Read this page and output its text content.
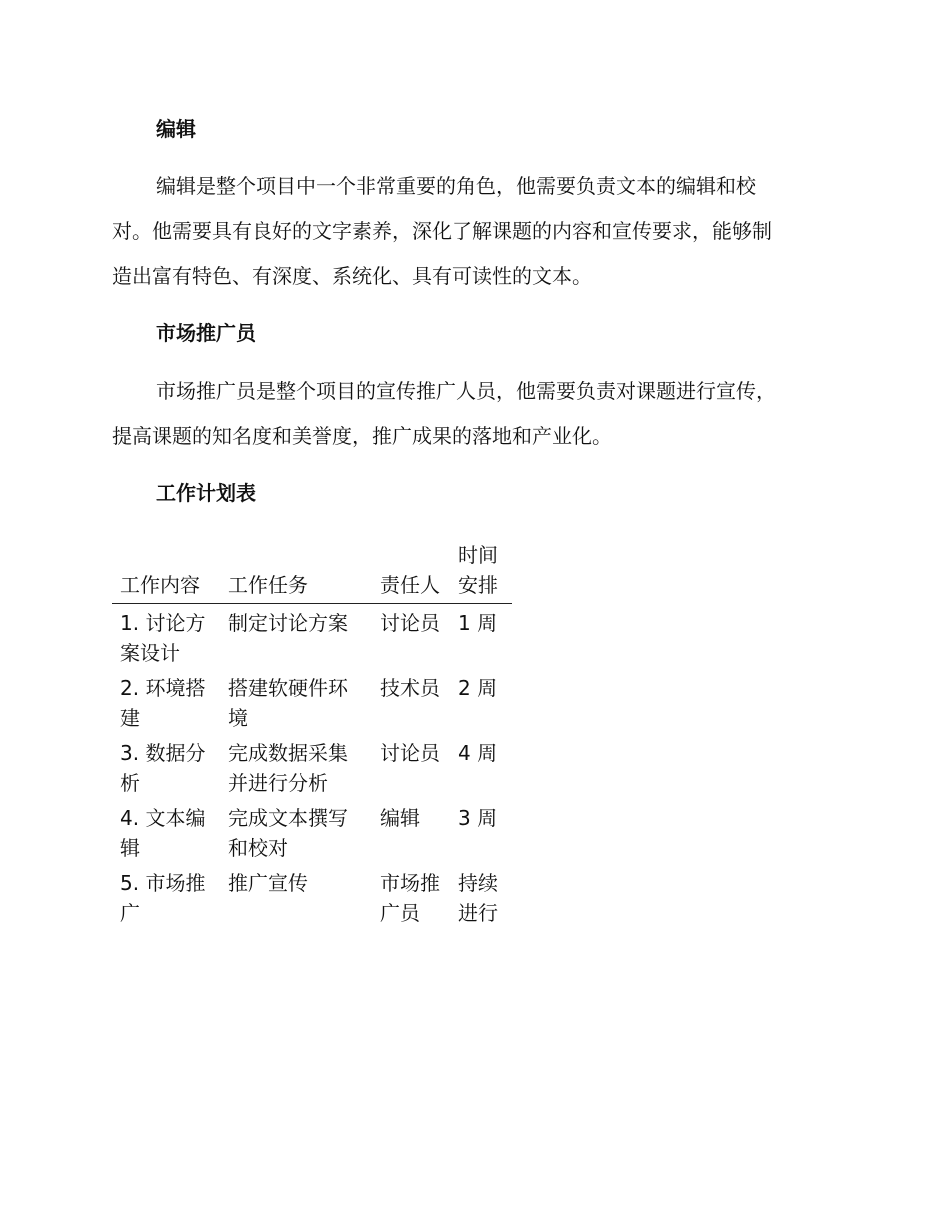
编辑
编辑是整个项目中一个非常重要的角色，他需要负责文本的编辑和校
对。他需要具有良好的文字素养，深化了解课题的内容和宣传要求，能够制
造出富有特色、有深度、系统化、具有可读性的文本。
市场推广员
市场推广员是整个项目的宣传推广人员，他需要负责对课题进行宣传，
提高课题的知名度和美誉度，推广成果的落地和产业化。
工作计划表
工作内容	工作任务	责任人	时间安排
1. 讨论方案设计	制定讨论方案	讨论员	1 周
2. 环境搭建	搭建软硬件环境	技术员	2 周
3. 数据分析	完成数据采集并进行分析	讨论员	4 周
4. 文本编辑	完成文本撰写和校对	编辑	3 周
5. 市场推广	推广宣传	市场推广员	持续进行
